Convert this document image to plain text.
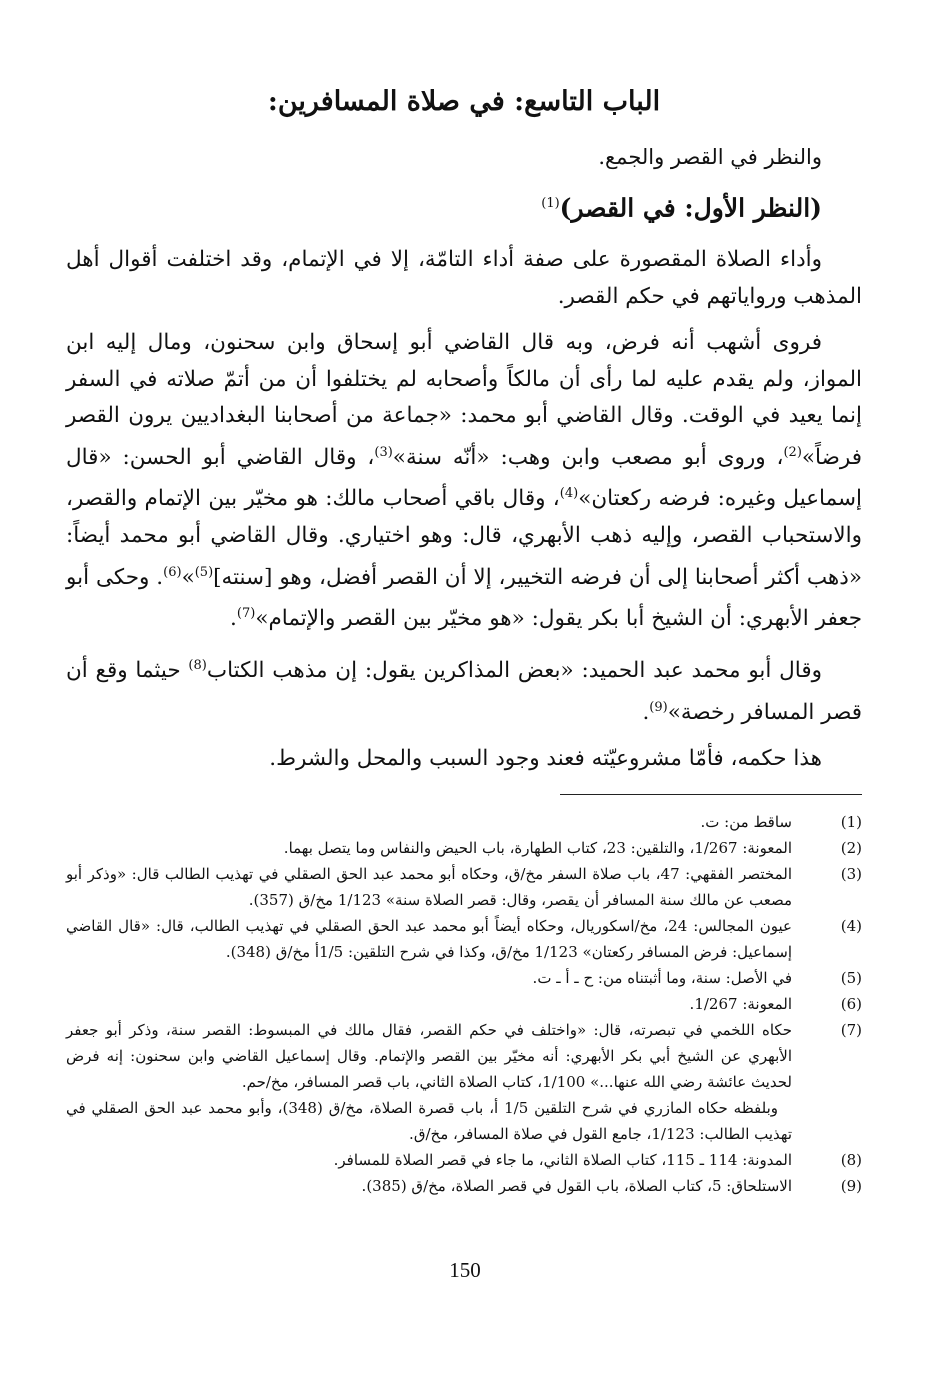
الباب التاسع: في صلاة المسافرين:

والنظر في القصر والجمع.

(النظر الأول: في القصر)$^{(1)}$

وأداء الصلاة المقصورة على صفة أداء التامّة، إلا في الإتمام، وقد اختلفت أقوال أهل المذهب ورواياتهم في حكم القصر.

فروى أشهب أنه فرض، وبه قال القاضي أبو إسحاق وابن سحنون، ومال إليه ابن المواز، ولم يقدم عليه لما رأى أن مالكاً وأصحابه لم يختلفوا أن من أتمّ صلاته في السفر إنما يعيد في الوقت. وقال القاضي أبو محمد: «جماعة من أصحابنا البغداديين يرون القصر فرضاً»$^{(2)}$، وروى أبو مصعب وابن وهب: «أنّه سنة»$^{(3)}$، وقال القاضي أبو الحسن: «قال إسماعيل وغيره: فرضه ركعتان»$^{(4)}$، وقال باقي أصحاب مالك: هو مخيّر بين الإتمام والقصر، والاستحباب القصر، وإليه ذهب الأبهري، قال: وهو اختياري. وقال القاضي أبو محمد أيضاً: «ذهب أكثر أصحابنا إلى أن فرضه التخيير، إلا أن القصر أفضل، وهو [سنته]$^{(5)}$»$^{(6)}$. وحكى أبو جعفر الأبهري: أن الشيخ أبا بكر يقول: «هو مخيّر بين القصر والإتمام»$^{(7)}$.

وقال أبو محمد عبد الحميد: «بعض المذاكرين يقول: إن مذهب الكتاب$^{(8)}$ حيثما وقع أن قصر المسافر رخصة»$^{(9)}$.

هذا حكمه، فأمّا مشروعيّته فعند وجود السبب والمحل والشرط.

(1)
ساقط من: ت.
(2)
المعونة: 1/267، والتلقين: 23، كتاب الطهارة، باب الحيض والنفاس وما يتصل بهما.
(3)
المختصر الفقهي: 47، باب صلاة السفر مخ/ق، وحكاه أبو محمد عبد الحق الصقلي في تهذيب الطالب قال: «وذكر أبو مصعب عن مالك سنة المسافر أن يقصر، وقال: قصر الصلاة سنة» 1/123 مخ/ق (357).
(4)
عيون المجالس: 24، مخ/اسكوريال، وحكاه أيضاً أبو محمد عبد الحق الصقلي في تهذيب الطالب، قال: «قال القاضي إسماعيل: فرض المسافر ركعتان» 1/123 مخ/ق، وكذا في شرح التلقين: 1/5أ مخ/ق (348).
(5)
في الأصل: سنة، وما أثبتناه من: ح ـ أ ـ ت.
(6)
المعونة: 1/267.
(7)
حكاه اللخمي في تبصرته، قال: «واختلف في حكم القصر، فقال مالك في المبسوط: القصر سنة، وذكر أبو جعفر الأبهري عن الشيخ أبي بكر الأبهري: أنه مخيّر بين القصر والإتمام. وقال إسماعيل القاضي وابن سحنون: إنه فرض لحديث عائشة رضي الله عنها...» 1/100، كتاب الصلاة الثاني، باب قصر المسافر، مخ/حم.
وبلفظه حكاه المازري في شرح التلقين 1/5 أ، باب قصرة الصلاة، مخ/ق (348)، وأبو محمد عبد الحق الصقلي في تهذيب الطالب: 1/123، جامع القول في صلاة المسافر، مخ/ق.
(8)
المدونة: 114 ـ 115، كتاب الصلاة الثاني، ما جاء في قصر الصلاة للمسافر.
(9)
الاستلحاق: 5، كتاب الصلاة، باب القول في قصر الصلاة، مخ/ق (385).
150
